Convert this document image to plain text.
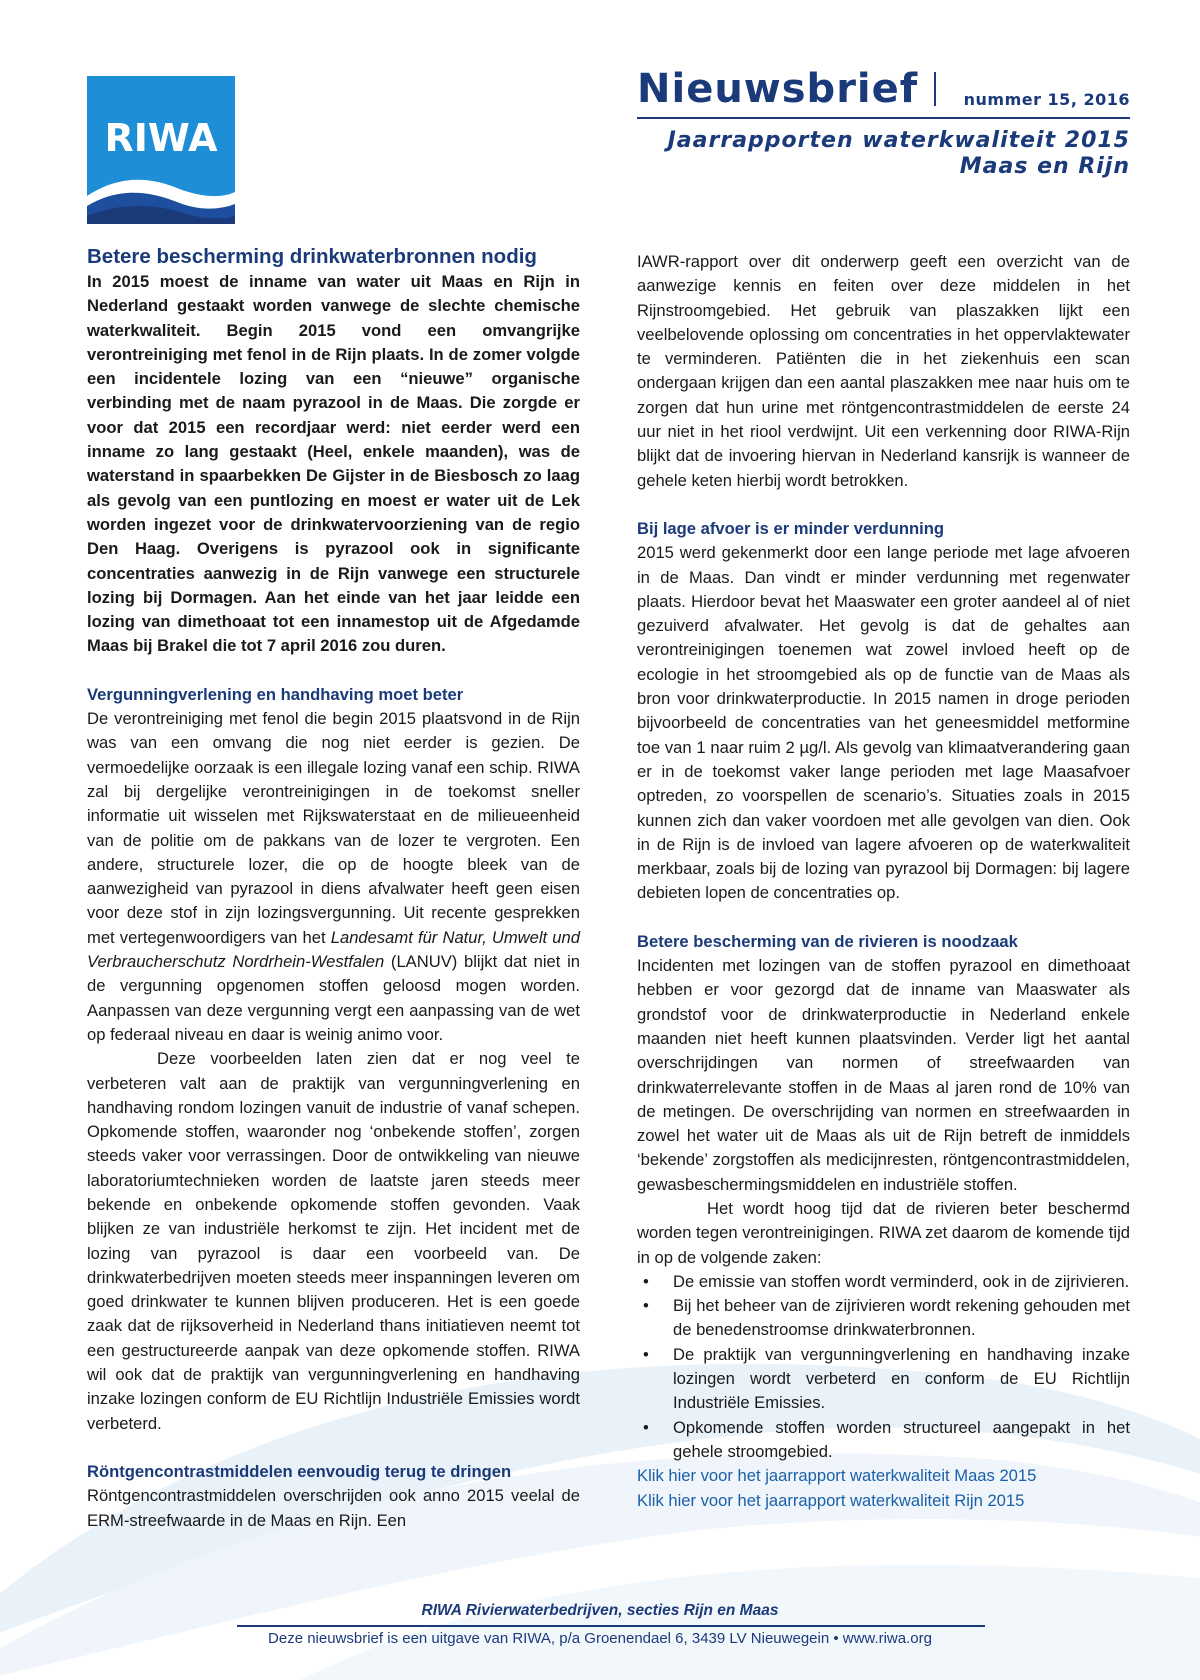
RIWA
Nieuwsbrief	nummer 15, 2016
Jaarrapporten waterkwaliteit 2015
Maas en Rijn
Betere bescherming drinkwaterbronnen nodig

In 2015 moest de inname van water uit Maas en Rijn in Nederland gestaakt worden vanwege de slechte chemische waterkwaliteit. Begin 2015 vond een omvangrijke verontreiniging met fenol in de Rijn plaats. In de zomer volgde een incidentele lozing van een “nieuwe” organische verbinding met de naam pyrazool in de Maas. Die zorgde er voor dat 2015 een recordjaar werd: niet eerder werd een inname zo lang gestaakt (Heel, enkele maanden), was de waterstand in spaarbekken De Gijster in de Biesbosch zo laag als gevolg van een puntlozing en moest er water uit de Lek worden ingezet voor de drinkwatervoorziening van de regio Den Haag. Overigens is pyrazool ook in significante concentraties aanwezig in de Rijn vanwege een structurele lozing bij Dormagen. Aan het einde van het jaar leidde een lozing van dimethoaat tot een innamestop uit de Afgedamde Maas bij Brakel die tot 7 april 2016 zou duren.

Vergunningverlening en handhaving moet beter

De verontreiniging met fenol die begin 2015 plaatsvond in de Rijn was van een omvang die nog niet eerder is gezien. De vermoedelijke oorzaak is een illegale lozing vanaf een schip. RIWA zal bij dergelijke verontreinigingen in de toekomst sneller informatie uit wisselen met Rijkswaterstaat en de milieueenheid van de politie om de pakkans van de lozer te vergroten. Een andere, structurele lozer, die op de hoogte bleek van de aanwezigheid van pyrazool in diens afvalwater heeft geen eisen voor deze stof in zijn lozingsvergunning. Uit recente gesprekken met vertegenwoordigers van het Landesamt für Natur, Umwelt und Verbraucherschutz Nordrhein-Westfalen (LANUV) blijkt dat niet in de vergunning opgenomen stoffen geloosd mogen worden. Aanpassen van deze vergunning vergt een aanpassing van de wet op federaal niveau en daar is weinig animo voor.

Deze voorbeelden laten zien dat er nog veel te verbeteren valt aan de praktijk van vergunningverlening en handhaving rondom lozingen vanuit de industrie of vanaf schepen. Opkomende stoffen, waaronder nog ‘onbekende stoffen’, zorgen steeds vaker voor verrassingen. Door de ontwikkeling van nieuwe laboratoriumtechnieken worden de laatste jaren steeds meer bekende en onbekende opkomende stoffen gevonden. Vaak blijken ze van industriële herkomst te zijn. Het incident met de lozing van pyrazool is daar een voorbeeld van. De drinkwaterbedrijven moeten steeds meer inspanningen leveren om goed drinkwater te kunnen blijven produceren. Het is een goede zaak dat de rijksoverheid in Nederland thans initiatieven neemt tot een gestructureerde aanpak van deze opkomende stoffen. RIWA wil ook dat de praktijk van vergunningverlening en handhaving inzake lozingen conform de EU Richtlijn Industriële Emissies wordt verbeterd.

Röntgencontrastmiddelen eenvoudig terug te dringen

Röntgencontrastmiddelen overschrijden ook anno 2015 veelal de ERM-streefwaarde in de Maas en Rijn. Een

IAWR-rapport over dit onderwerp geeft een overzicht van de aanwezige kennis en feiten over deze middelen in het Rijnstroomgebied. Het gebruik van plaszakken lijkt een veelbelovende oplossing om concentraties in het oppervlaktewater te verminderen. Patiënten die in het ziekenhuis een scan ondergaan krijgen dan een aantal plaszakken mee naar huis om te zorgen dat hun urine met röntgencontrastmiddelen de eerste 24 uur niet in het riool verdwijnt. Uit een verkenning door RIWA-Rijn blijkt dat de invoering hiervan in Nederland kansrijk is wanneer de gehele keten hierbij wordt betrokken.

Bij lage afvoer is er minder verdunning

2015 werd gekenmerkt door een lange periode met lage afvoeren in de Maas. Dan vindt er minder verdunning met regenwater plaats. Hierdoor bevat het Maaswater een groter aandeel al of niet gezuiverd afvalwater. Het gevolg is dat de gehaltes aan verontreinigingen toenemen wat zowel invloed heeft op de ecologie in het stroomgebied als op de functie van de Maas als bron voor drinkwaterproductie. In 2015 namen in droge perioden bijvoorbeeld de concentraties van het geneesmiddel metformine toe van 1 naar ruim 2 µg/l. Als gevolg van klimaatverandering gaan er in de toekomst vaker lange perioden met lage Maasafvoer optreden, zo voorspellen de scenario’s. Situaties zoals in 2015 kunnen zich dan vaker voordoen met alle gevolgen van dien. Ook in de Rijn is de invloed van lagere afvoeren op de waterkwaliteit merkbaar, zoals bij de lozing van pyrazool bij Dormagen: bij lagere debieten lopen de concentraties op.

Betere bescherming van de rivieren is noodzaak

Incidenten met lozingen van de stoffen pyrazool en dimethoaat hebben er voor gezorgd dat de inname van Maaswater als grondstof voor de drinkwaterproductie in Nederland enkele maanden niet heeft kunnen plaatsvinden. Verder ligt het aantal overschrijdingen van normen of streefwaarden van drinkwaterrelevante stoffen in de Maas al jaren rond de 10% van de metingen. De overschrijding van normen en streefwaarden in zowel het water uit de Maas als uit de Rijn betreft de inmiddels ‘bekende’ zorgstoffen als medicijnresten, röntgencontrastmiddelen, gewasbeschermingsmiddelen en industriële stoffen.

Het wordt hoog tijd dat de rivieren beter beschermd worden tegen verontreinigingen. RIWA zet daarom de komende tijd in op de volgende zaken:

• De emissie van stoffen wordt verminderd, ook in de zijrivieren.
• Bij het beheer van de zijrivieren wordt rekening gehouden met de benedenstroomse drinkwaterbronnen.
• De praktijk van vergunningverlening en handhaving inzake lozingen wordt verbeterd en conform de EU Richtlijn Industriële Emissies.
• Opkomende stoffen worden structureel aangepakt in het gehele stroomgebied.

Klik hier voor het jaarrapport waterkwaliteit Maas 2015

Klik hier voor het jaarrapport waterkwaliteit Rijn 2015

RIWA Rivierwaterbedrijven, secties Rijn en Maas
Deze nieuwsbrief is een uitgave van RIWA, p/a Groenendael 6, 3439 LV Nieuwegein • www.riwa.org
